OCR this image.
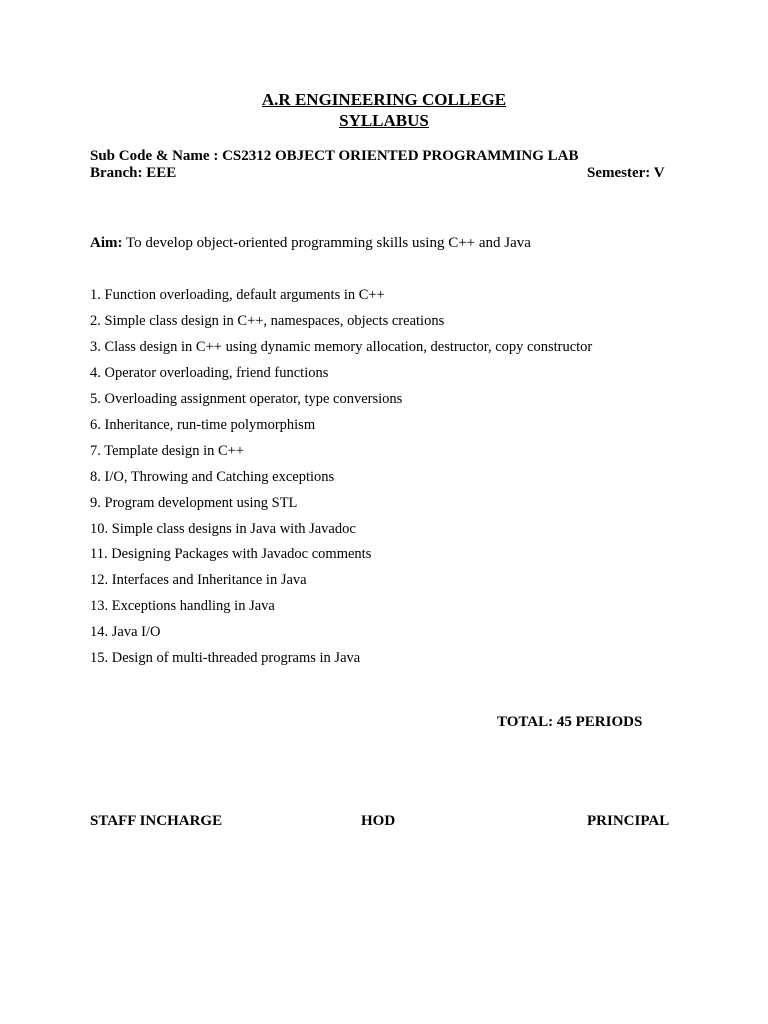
A.R ENGINEERING COLLEGE
SYLLABUS
Sub Code & Name : CS2312 OBJECT ORIENTED PROGRAMMING LAB
Branch: EEE	Semester: V
Aim: To develop object-oriented programming skills using C++ and Java
1. Function overloading, default arguments in C++
2. Simple class design in C++, namespaces, objects creations
3. Class design in C++ using dynamic memory allocation, destructor, copy constructor
4. Operator overloading, friend functions
5. Overloading assignment operator, type conversions
6. Inheritance, run-time polymorphism
7. Template design in C++
8. I/O, Throwing and Catching exceptions
9. Program development using STL
10. Simple class designs in Java with Javadoc
11. Designing Packages with Javadoc comments
12. Interfaces and Inheritance in Java
13. Exceptions handling in Java
14. Java I/O
15. Design of multi-threaded programs in Java
TOTAL: 45 PERIODS
STAFF INCHARGE	HOD	PRINCIPAL
